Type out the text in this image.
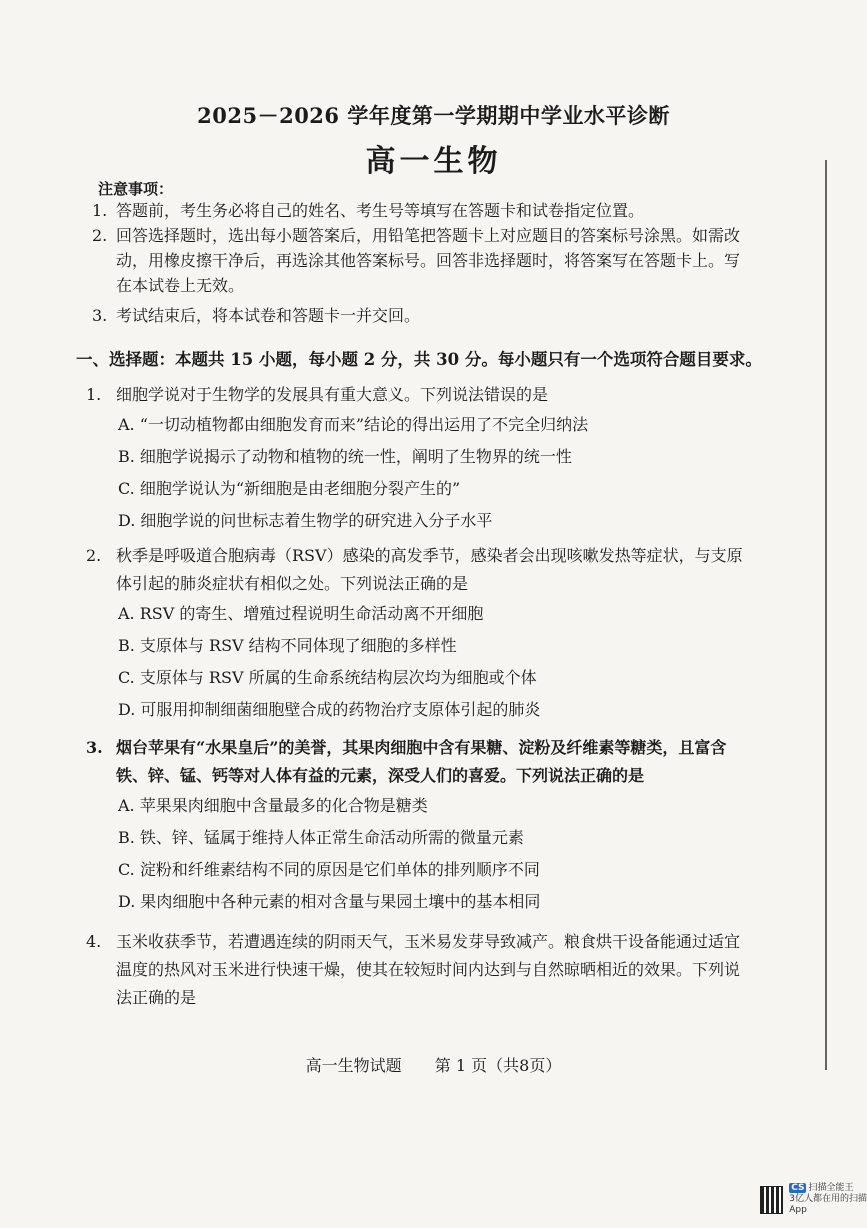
2025－2026 学年度第一学期期中学业水平诊断
高一生物
注意事项：
1. 答题前，考生务必将自己的姓名、考生号等填写在答题卡和试卷指定位置。
2. 回答选择题时，选出每小题答案后，用铅笔把答题卡上对应题目的答案标号涂黑。如需改动，用橡皮擦干净后，再选涂其他答案标号。回答非选择题时，将答案写在答题卡上。写在本试卷上无效。
3. 考试结束后，将本试卷和答题卡一并交回。
一、选择题：本题共 15 小题，每小题 2 分，共 30 分。每小题只有一个选项符合题目要求。
1. 细胞学说对于生物学的发展具有重大意义。下列说法错误的是
A. “一切动植物都由细胞发育而来”结论的得出运用了不完全归纳法
B. 细胞学说揭示了动物和植物的统一性，阐明了生物界的统一性
C. 细胞学说认为“新细胞是由老细胞分裂产生的”
D. 细胞学说的问世标志着生物学的研究进入分子水平
2. 秋季是呼吸道合胞病毒（RSV）感染的高发季节，感染者会出现咳嗽发热等症状，与支原体引起的肺炎症状有相似之处。下列说法正确的是
A. RSV 的寄生、增殖过程说明生命活动离不开细胞
B. 支原体与 RSV 结构不同体现了细胞的多样性
C. 支原体与 RSV 所属的生命系统结构层次均为细胞或个体
D. 可服用抑制细菌细胞壁合成的药物治疗支原体引起的肺炎
3. 烟台苹果有“水果皇后”的美誉，其果肉细胞中含有果糖、淀粉及纤维素等糖类，且富含铁、锌、锰、钙等对人体有益的元素，深受人们的喜爱。下列说法正确的是
A. 苹果果肉细胞中含量最多的化合物是糖类
B. 铁、锌、锰属于维持人体正常生命活动所需的微量元素
C. 淀粉和纤维素结构不同的原因是它们单体的排列顺序不同
D. 果肉细胞中各种元素的相对含量与果园土壤中的基本相同
4. 玉米收获季节，若遭遇连续的阴雨天气，玉米易发芽导致减产。粮食烘干设备能通过适宜温度的热风对玉米进行快速干燥，使其在较短时间内达到与自然晾晒相近的效果。下列说法正确的是
高一生物试题 第 1 页（共8页）
CS 扫描全能王
3亿人都在用的扫描App
